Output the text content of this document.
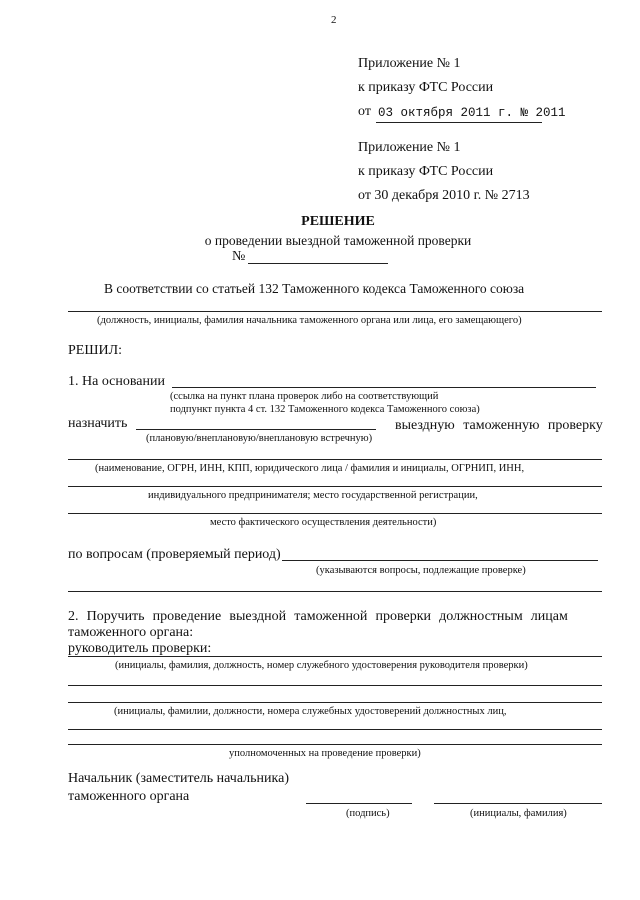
2
Приложение № 1
к приказу ФТС России
от 03 октября 2011 г. № 2011
Приложение № 1
к приказу ФТС России
от 30 декабря 2010 г. № 2713
РЕШЕНИЕ
о проведении выездной таможенной проверки
№
В соответствии со статьей 132 Таможенного кодекса Таможенного союза
(должность, инициалы, фамилия начальника таможенного органа или лица, его замещающего)
РЕШИЛ:
1. На основании
(ссылка на пункт плана проверок либо на соответствующий
подпункт пункта 4 ст. 132 Таможенного кодекса Таможенного союза)
назначить	выездную таможенную проверку
(плановую/внеплановую/внеплановую встречную)
(наименование, ОГРН, ИНН, КПП, юридического лица / фамилия и инициалы, ОГРНИП, ИНН,
индивидуального предпринимателя; место государственной регистрации,
место фактического осуществления деятельности)
по вопросам (проверяемый период)
(указываются вопросы, подлежащие проверке)
2. Поручить проведение выездной таможенной проверки должностным лицам
таможенного органа:
руководитель проверки:
(инициалы, фамилия, должность, номер служебного удостоверения руководителя проверки)
(инициалы, фамилии, должности, номера служебных удостоверений должностных лиц,
уполномоченных на проведение проверки)
Начальник (заместитель начальника)
таможенного органа
(подпись)	(инициалы, фамилия)
